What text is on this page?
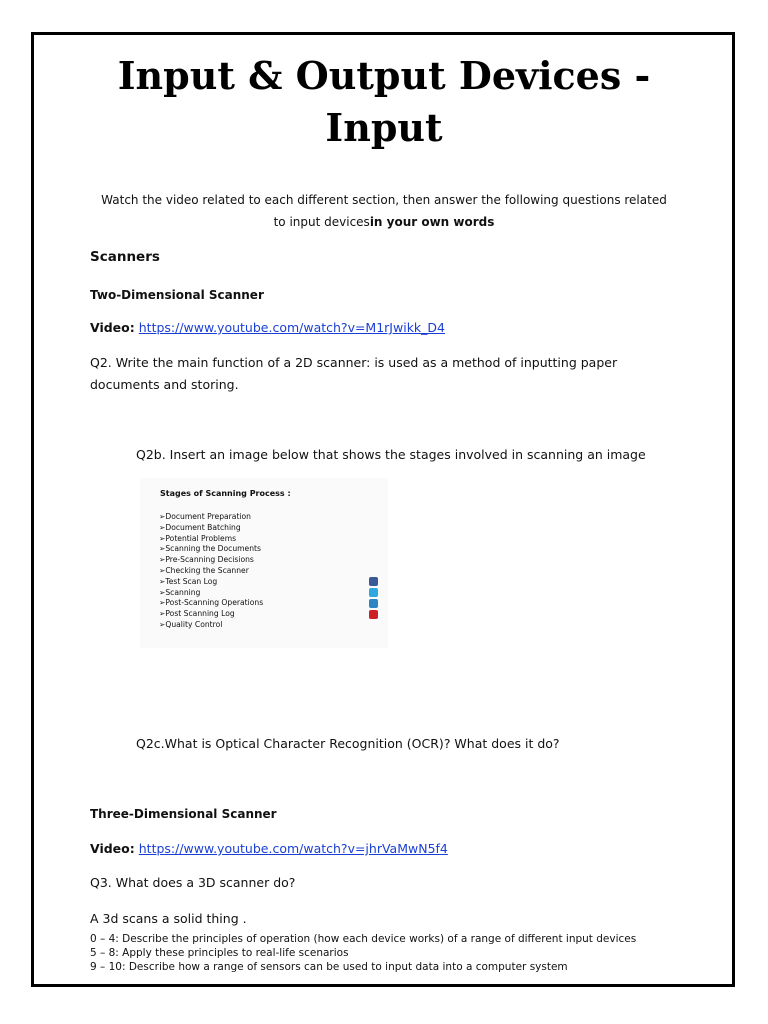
Input & Output Devices -
Input
Watch the video related to each different section, then answer the following questions related
to input devicesin your own words
Scanners
Two-Dimensional Scanner
Video: https://www.youtube.com/watch?v=M1rJwikk_D4
Q2. Write the main function of a 2D scanner: is used as a method of inputting paper documents and storing.
Q2b. Insert an image below that shows the stages involved in scanning an image
Stages of Scanning Process :
➢Document Preparation
➢Document Batching
➢Potential Problems
➢Scanning the Documents
➢Pre-Scanning Decisions
➢Checking the Scanner
➢Test Scan Log
➢Scanning
➢Post-Scanning Operations
➢Post Scanning Log
➢Quality Control
Q2c.What is Optical Character Recognition (OCR)? What does it do?
Three-Dimensional Scanner
Video: https://www.youtube.com/watch?v=jhrVaMwN5f4
Q3. What does a 3D scanner do?
A 3d scans a solid thing .
0 – 4: Describe the principles of operation (how each device works) of a range of different input devices
5 – 8: Apply these principles to real-life scenarios
9 – 10: Describe how a range of sensors can be used to input data into a computer system
